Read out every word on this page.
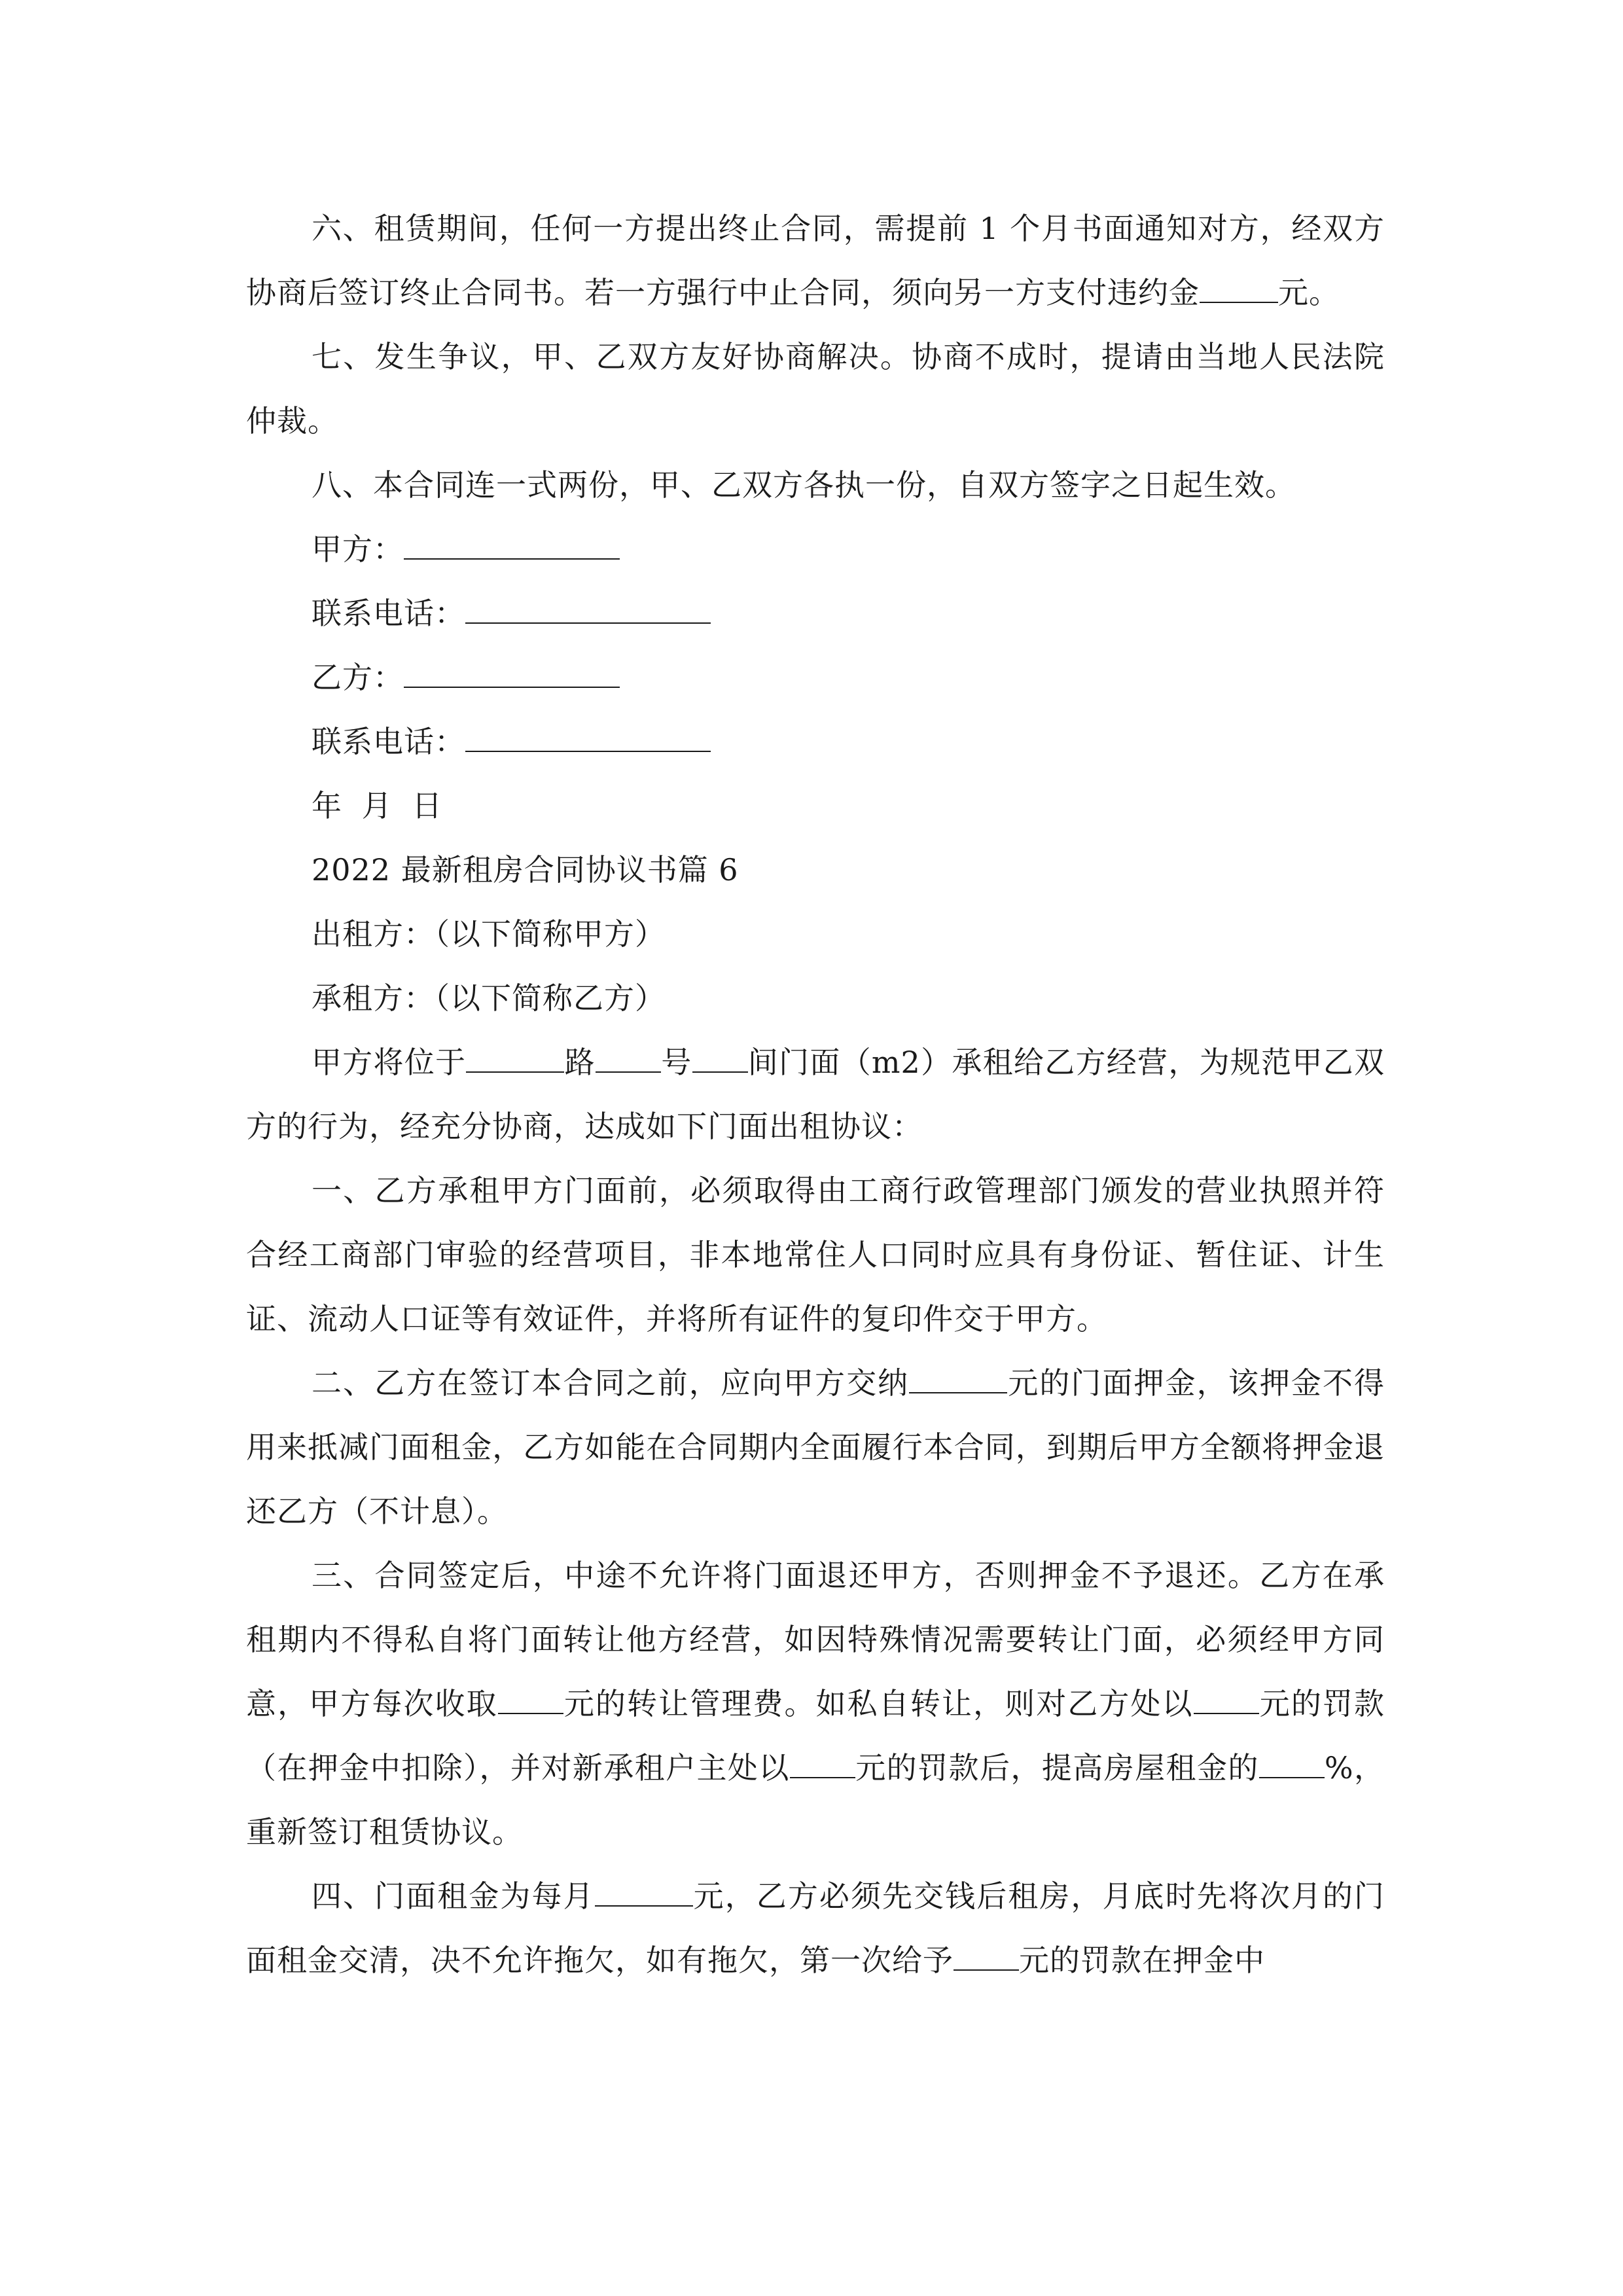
六、租赁期间，任何一方提出终止合同，需提前 1 个月书面通知对方，经双方协商后签订终止合同书。若一方强行中止合同，须向另一方支付违约金	元。

七、发生争议，甲、乙双方友好协商解决。协商不成时，提请由当地人民法院仲裁。

八、本合同连一式两份，甲、乙双方各执一份，自双方签字之日起生效。

甲方：

联系电话：

乙方：

联系电话：

年 月 日

2022 最新租房合同协议书篇 6

出租方：（以下简称甲方）

承租方：（以下简称乙方）

甲方将位于	路 号 间门面（m2）承租给乙方经营，为规范甲乙双方的行为，经充分协商，达成如下门面出租协议：

一、乙方承租甲方门面前，必须取得由工商行政管理部门颁发的营业执照并符合经工商部门审验的经营项目，非本地常住人口同时应具有身份证、暂住证、计生证、流动人口证等有效证件，并将所有证件的复印件交于甲方。

二、乙方在签订本合同之前，应向甲方交纳	元的门面押金，该押金不得用来抵减门面租金，乙方如能在合同期内全面履行本合同，到期后甲方全额将押金退还乙方（不计息）。

三、合同签定后，中途不允许将门面退还甲方，否则押金不予退还。乙方在承租期内不得私自将门面转让他方经营，如因特殊情况需要转让门面，必须经甲方同意，甲方每次收取 元的转让管理费。如私自转让，则对乙方处以 元的罚款（在押金中扣除），并对新承租户主处以 元的罚款后，提高房屋租金的 %，重新签订租赁协议。

四、门面租金为每月	元，乙方必须先交钱后租房，月底时先将次月的门面租金交清，决不允许拖欠，如有拖欠，第一次给予 元的罚款在押金中
